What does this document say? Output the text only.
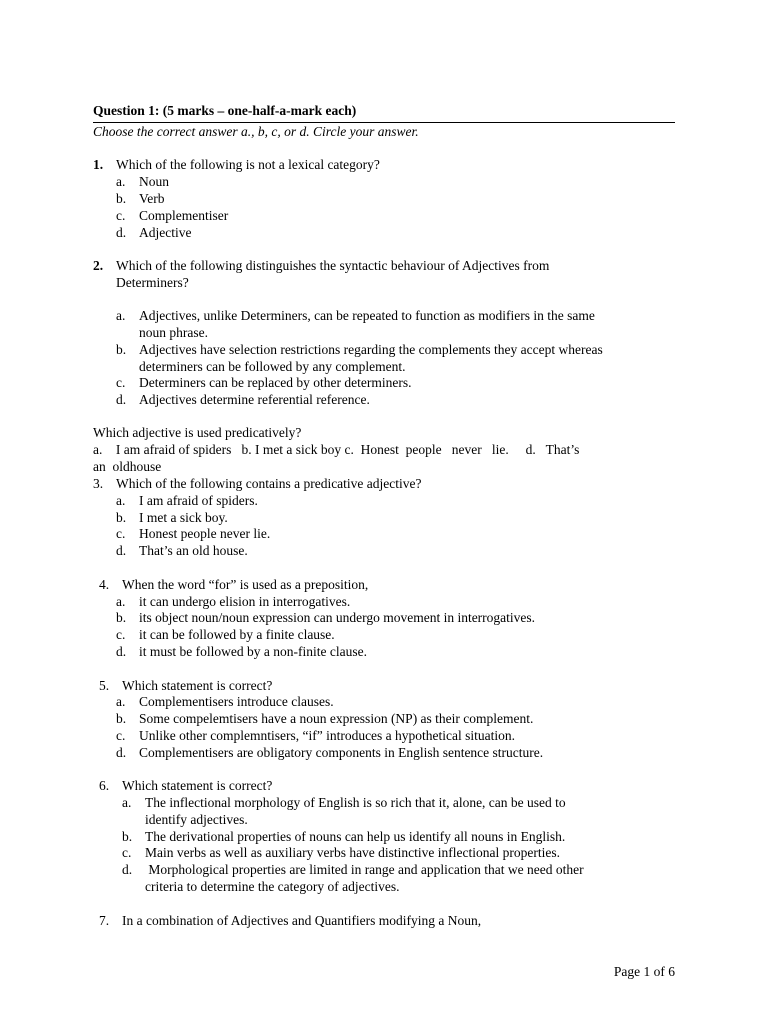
Question 1: (5 marks – one-half-a-mark each)
Choose the correct answer a., b, c, or d. Circle your answer.
1. Which of the following is not a lexical category?
a. Noun
b. Verb
c. Complementiser
d. Adjective
2. Which of the following distinguishes the syntactic behaviour of Adjectives from
Determiners?
a. Adjectives, unlike Determiners, can be repeated to function as modifiers in the same
noun phrase.
b. Adjectives have selection restrictions regarding the complements they accept whereas
determiners can be followed by any complement.
c. Determiners can be replaced by other determiners.
d. Adjectives determine referential reference.
Which adjective is used predicatively?
a.    I am afraid of spiders   b. I met a sick boy c.  Honest  people   never   lie.     d.   That’s
an  oldhouse
3. Which of the following contains a predicative adjective?
a. I am afraid of spiders.
b. I met a sick boy.
c. Honest people never lie.
d. That’s an old house.
4. When the word “for” is used as a preposition,
a. it can undergo elision in interrogatives.
b. its object noun/noun expression can undergo movement in interrogatives.
c. it can be followed by a finite clause.
d. it must be followed by a non-finite clause.
5. Which statement is correct?
a. Complementisers introduce clauses.
b. Some compelemtisers have a noun expression (NP) as their complement.
c. Unlike other complemntisers, “if” introduces a hypothetical situation.
d. Complementisers are obligatory components in English sentence structure.
6. Which statement is correct?
a. The inflectional morphology of English is so rich that it, alone, can be used to
identify adjectives.
b. The derivational properties of nouns can help us identify all nouns in English.
c. Main verbs as well as auxiliary verbs have distinctive inflectional properties.
d. Morphological properties are limited in range and application that we need other
criteria to determine the category of adjectives.
7. In a combination of Adjectives and Quantifiers modifying a Noun,
Page 1 of 6
